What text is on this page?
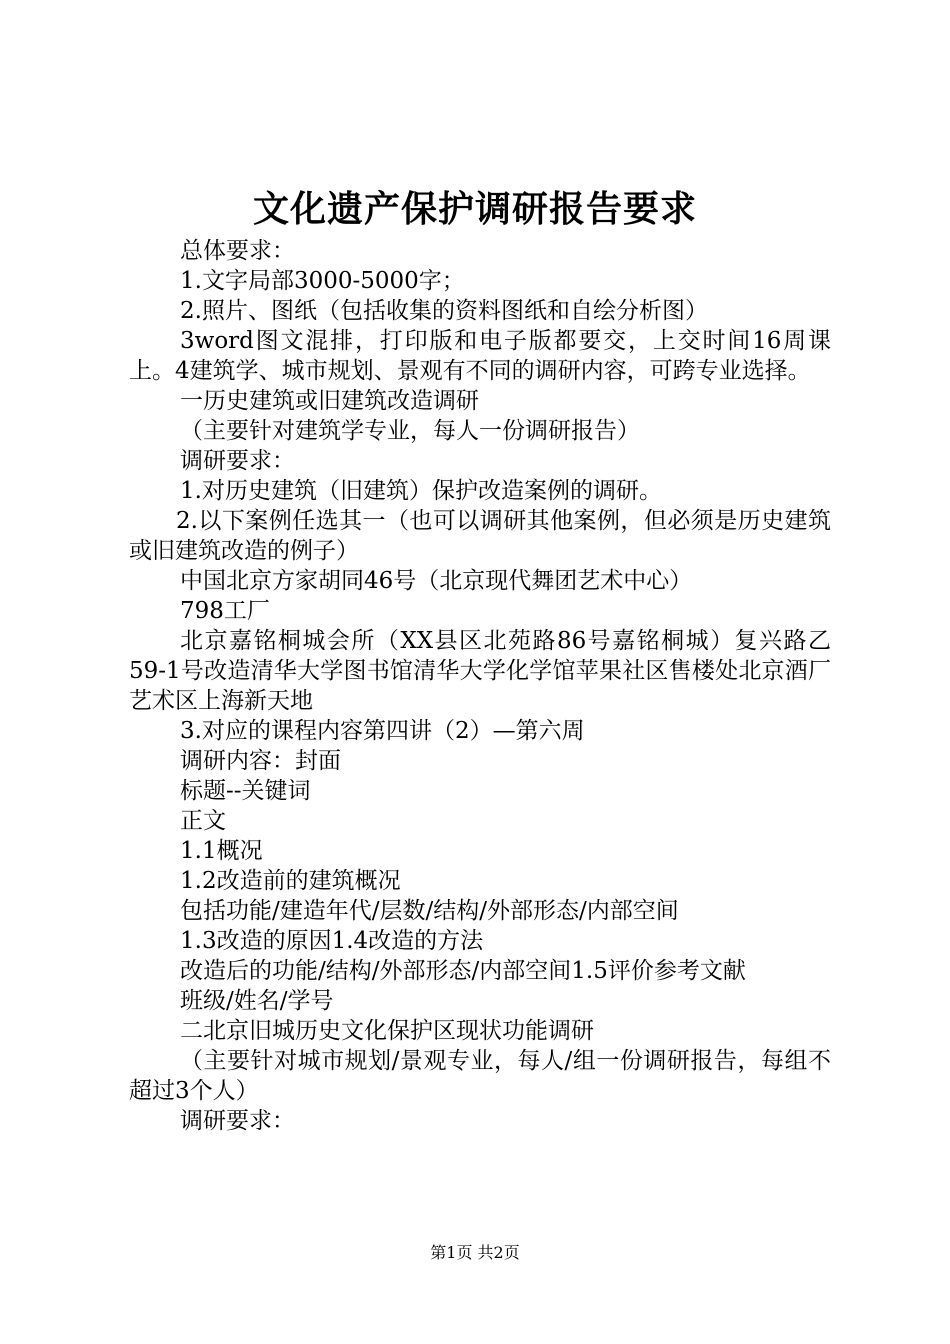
文化遗产保护调研报告要求

总体要求：

1.文字局部3000-5000字；

2.照片、图纸（包括收集的资料图纸和自绘分析图）

3word图文混排，打印版和电子版都要交，上交时间16周课上。4建筑学、城市规划、景观有不同的调研内容，可跨专业选择。

一历史建筑或旧建筑改造调研

（主要针对建筑学专业，每人一份调研报告）

调研要求：

1.对历史建筑（旧建筑）保护改造案例的调研。

2.以下案例任选其一（也可以调研其他案例，但必须是历史建筑或旧建筑改造的例子）

中国北京方家胡同46号（北京现代舞团艺术中心）

798工厂

北京嘉铭桐城会所（XX县区北苑路86号嘉铭桐城）复兴路乙59-1号改造清华大学图书馆清华大学化学馆苹果社区售楼处北京酒厂艺术区上海新天地

3.对应的课程内容第四讲（2）—第六周

调研内容：封面

标题--关键词

正文

1.1概况

1.2改造前的建筑概况

包括功能/建造年代/层数/结构/外部形态/内部空间

1.3改造的原因1.4改造的方法

改造后的功能/结构/外部形态/内部空间1.5评价参考文献

班级/姓名/学号

二北京旧城历史文化保护区现状功能调研

（主要针对城市规划/景观专业，每人/组一份调研报告，每组不超过3个人）

调研要求：

第1页 共2页
